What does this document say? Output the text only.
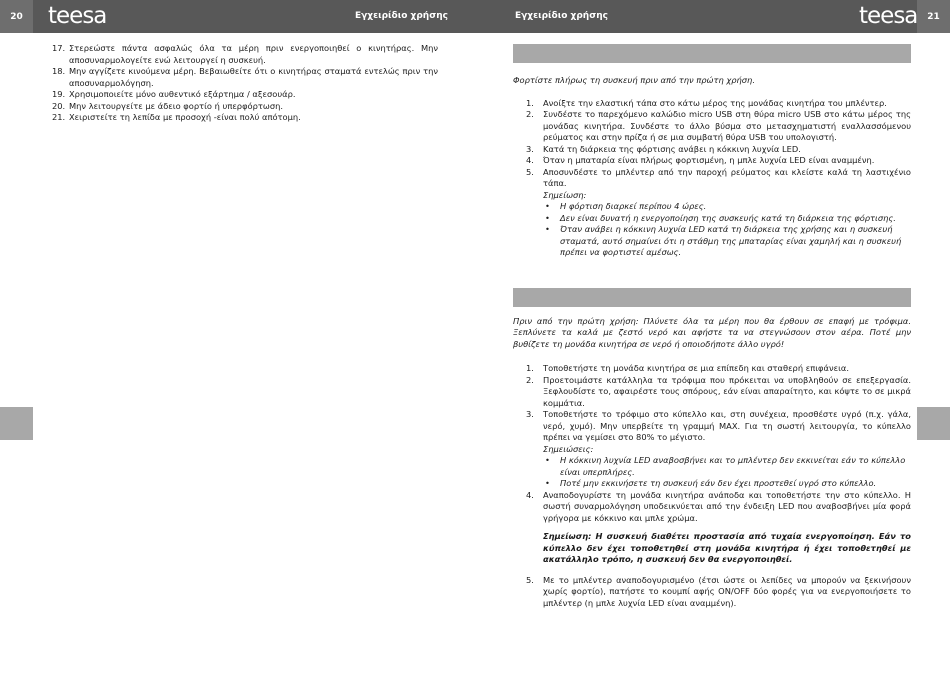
20	21
teesa	teesa
Εγχειρίδιο χρήσης	Εγχειρίδιο χρήσης
17. Στερεώστε πάντα ασφαλώς όλα τα μέρη πριν ενεργοποιηθεί ο κινητήρας. Μην αποσυναρμολογείτε ενώ λειτουργεί η συσκευή.
18. Μην αγγίζετε κινούμενα μέρη. Βεβαιωθείτε ότι ο κινητήρας σταματά εντελώς πριν την αποσυναρμολόγηση.
19. Χρησιμοποιείτε μόνο αυθεντικό εξάρτημα / αξεσουάρ.
20. Μην λειτουργείτε με άδειο φορτίο ή υπερφόρτωση.
21. Χειριστείτε τη λεπίδα με προσοχή -είναι πολύ απότομη.

Φορτίστε πλήρως τη συσκευή πριν από την πρώτη χρήση.

1. Ανοίξτε την ελαστική τάπα στο κάτω μέρος της μονάδας κινητήρα του μπλέντερ.
2. Συνδέστε το παρεχόμενο καλώδιο micro USB στη θύρα micro USB στο κάτω μέρος της μονάδας κινητήρα. Συνδέστε το άλλο βύσμα στο μετασχηματιστή εναλλασσόμενου ρεύματος και στην πρίζα ή σε μια συμβατή θύρα USB του υπολογιστή.
3. Κατά τη διάρκεια της φόρτισης ανάβει η κόκκινη λυχνία LED.
4. Όταν η μπαταρία είναι πλήρως φορτισμένη, η μπλε λυχνία LED είναι αναμμένη.
5. Αποσυνδέστε το μπλέντερ από την παροχή ρεύματος και κλείστε καλά τη λαστιχένιο τάπα.
Σημείωση:
• Η φόρτιση διαρκεί περίπου 4 ώρες.
• Δεν είναι δυνατή η ενεργοποίηση της συσκευής κατά τη διάρκεια της φόρτισης.
• Όταν ανάβει η κόκκινη λυχνία LED κατά τη διάρκεια της χρήσης και η συσκευή σταματά, αυτό σημαίνει ότι η στάθμη της μπαταρίας είναι χαμηλή και η συσκευή πρέπει να φορτιστεί αμέσως.

Πριν από την πρώτη χρήση: Πλύνετε όλα τα μέρη που θα έρθουν σε επαφή με τρόφιμα. Ξεπλύνετε τα καλά με ζεστό νερό και αφήστε τα να στεγνώσουν στον αέρα. Ποτέ μην βυθίζετε τη μονάδα κινητήρα σε νερό ή οποιοδήποτε άλλο υγρό!

1. Τοποθετήστε τη μονάδα κινητήρα σε μια επίπεδη και σταθερή επιφάνεια.
2. Προετοιμάστε κατάλληλα τα τρόφιμα που πρόκειται να υποβληθούν σε επεξεργασία. Ξεφλουδίστε το, αφαιρέστε τους σπόρους, εάν είναι απαραίτητο, και κόψτε το σε μικρά κομμάτια.
3. Τοποθετήστε το τρόφιμο στο κύπελλο και, στη συνέχεια, προσθέστε υγρό (π.χ. γάλα, νερό, χυμό). Μην υπερβείτε τη γραμμή MAX. Για τη σωστή λειτουργία, το κύπελλο πρέπει να γεμίσει στο 80% το μέγιστο.
Σημειώσεις:
• Η κόκκινη λυχνία LED αναβοσβήνει και το μπλέντερ δεν εκκινείται εάν το κύπελλο είναι υπερπλήρες.
• Ποτέ μην εκκινήσετε τη συσκευή εάν δεν έχει προστεθεί υγρό στο κύπελλο.
4. Αναποδογυρίστε τη μονάδα κινητήρα ανάποδα και τοποθετήστε την στο κύπελλο. Η σωστή συναρμολόγηση υποδεικνύεται από την ένδειξη LED που αναβοσβήνει μία φορά γρήγορα με κόκκινο και μπλε χρώμα.
Σημείωση: Η συσκευή διαθέτει προστασία από τυχαία ενεργοποίηση. Εάν το κύπελλο δεν έχει τοποθετηθεί στη μονάδα κινητήρα ή έχει τοποθετηθεί με ακατάλληλο τρόπο, η συσκευή δεν θα ενεργοποιηθεί.
5. Με το μπλέντερ αναποδογυρισμένο (έτσι ώστε οι λεπίδες να μπορούν να ξεκινήσουν χωρίς φορτίο), πατήστε το κουμπί αφής ON/OFF δύο φορές για να ενεργοποιήσετε το μπλέντερ (η μπλε λυχνία LED είναι αναμμένη).
